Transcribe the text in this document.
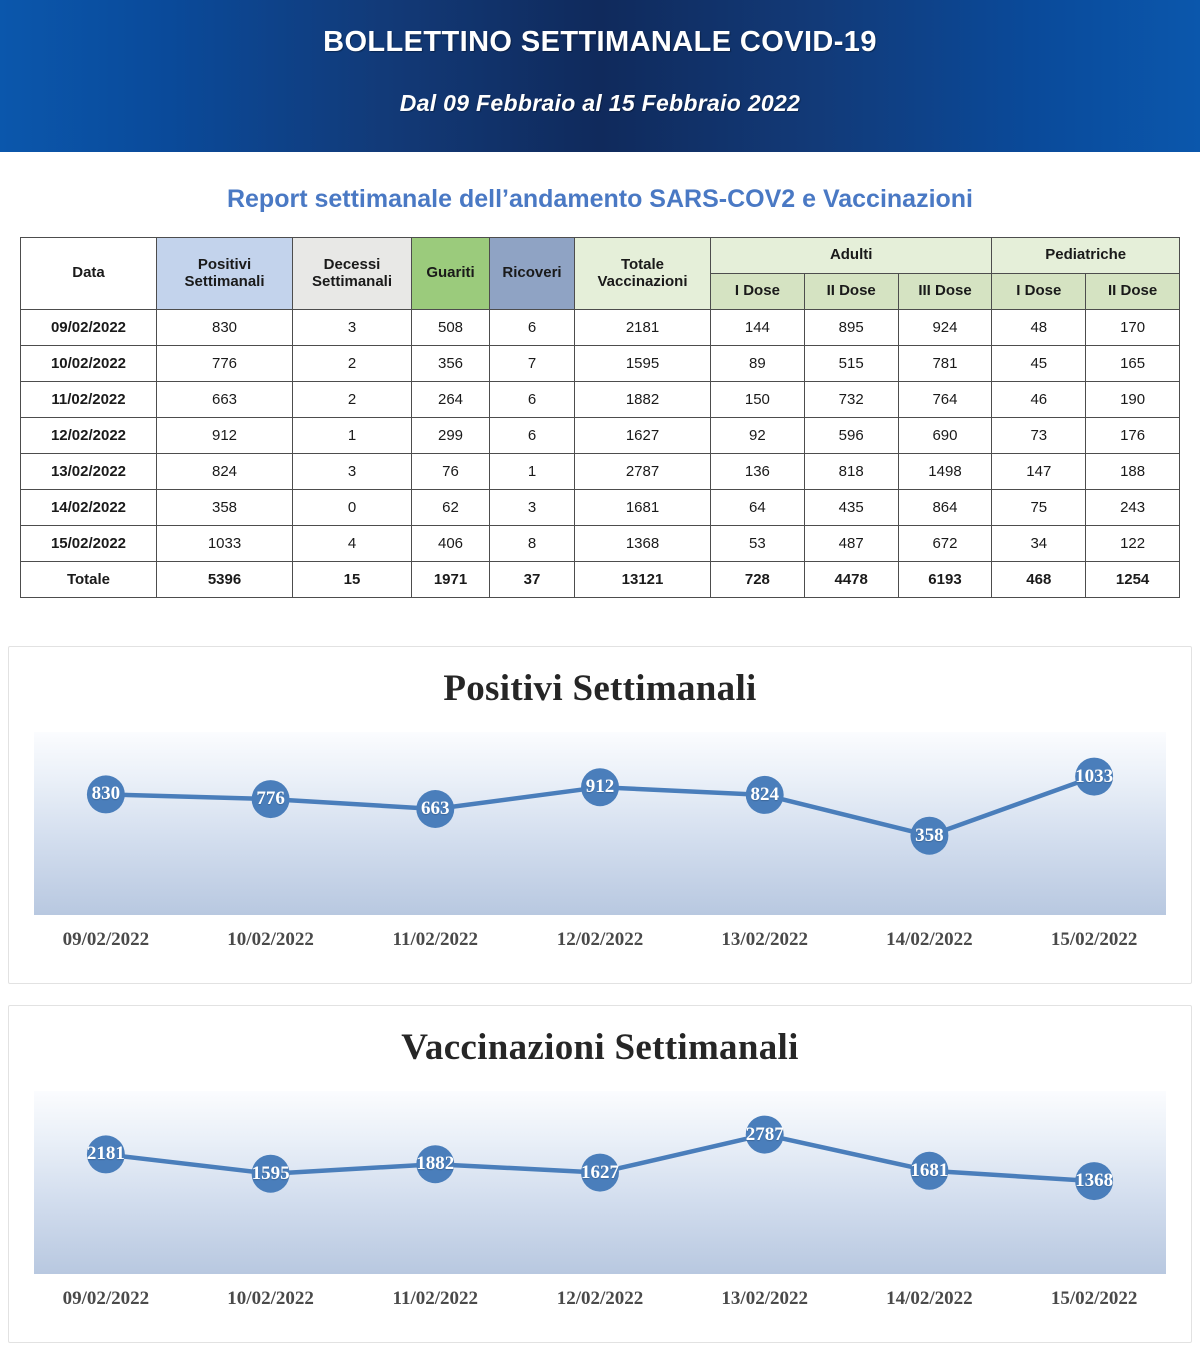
BOLLETTINO SETTIMANALE COVID-19
Dal 09 Febbraio al 15 Febbraio 2022
Report settimanale dell’andamento SARS-COV2 e Vaccinazioni
Data	Positivi Settimanali	Decessi Settimanali	Guariti	Ricoveri	Totale Vaccinazioni	Adulti			Pediatriche	
						I Dose	II Dose	III Dose	I Dose	II Dose
09/02/2022	830	3	508	6	2181	144	895	924	48	170
10/02/2022	776	2	356	7	1595	89	515	781	45	165
11/02/2022	663	2	264	6	1882	150	732	764	46	190
12/02/2022	912	1	299	6	1627	92	596	690	73	176
13/02/2022	824	3	76	1	2787	136	818	1498	147	188
14/02/2022	358	0	62	3	1681	64	435	864	75	243
15/02/2022	1033	4	406	8	1368	53	487	672	34	122
Totale	5396	15	1971	37	13121	728	4478	6193	468	1254
Positivi Settimanali
830	776	663
912	824
358
1033
09/02/2022	10/02/2022	11/02/2022	12/02/2022	13/02/2022	14/02/2022	15/02/2022
Vaccinazioni Settimanali
2181
1595	1882	1627
2787
1681	1368
09/02/2022	10/02/2022	11/02/2022	12/02/2022	13/02/2022	14/02/2022	15/02/2022
